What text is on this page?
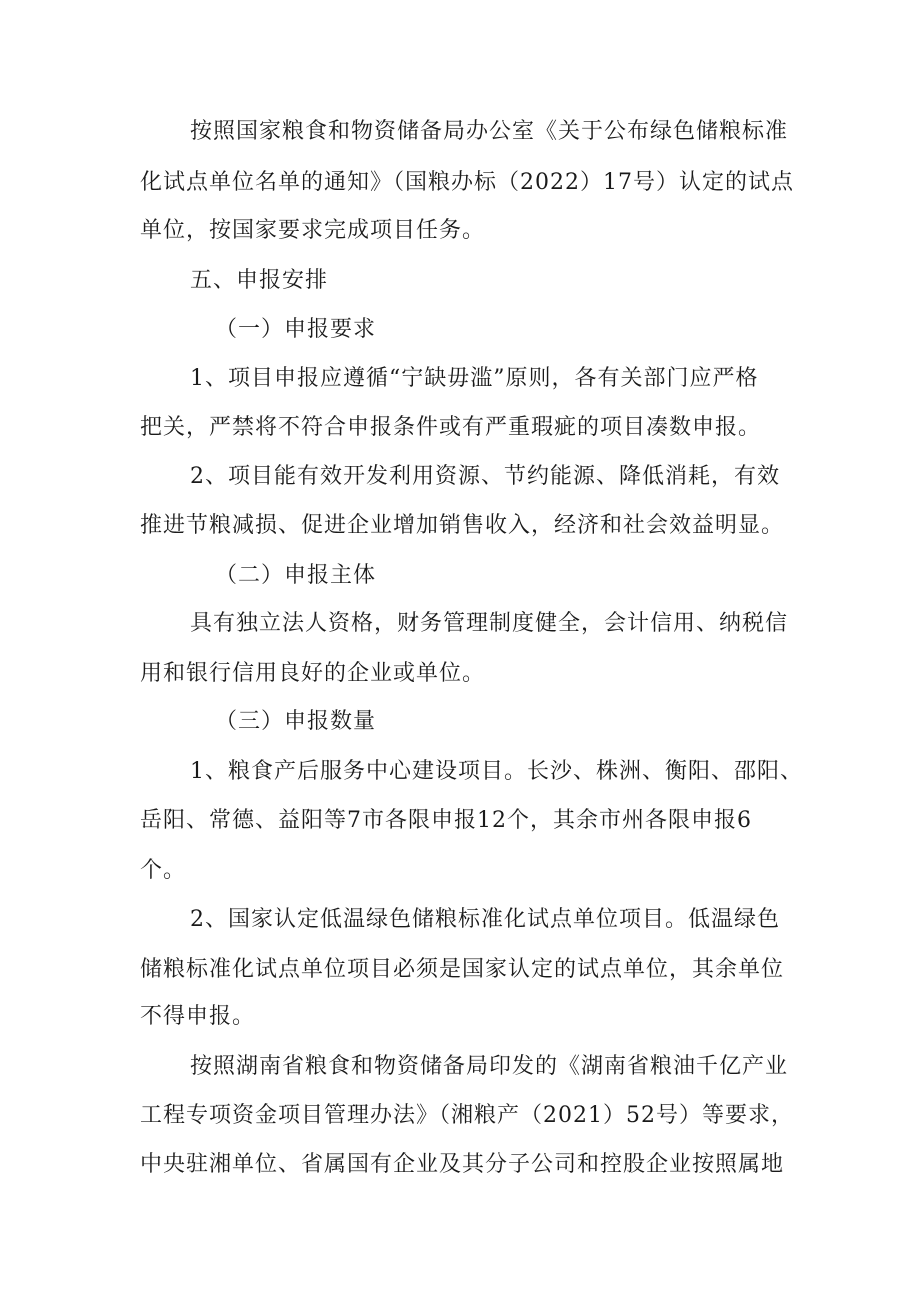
按照国家粮食和物资储备局办公室《关于公布绿色储粮标准
化试点单位名单的通知》（国粮办标（2022）17号）认定的试点
单位，按国家要求完成项目任务。
五、申报安排
（一）申报要求
1、项目申报应遵循“宁缺毋滥”原则，各有关部门应严格
把关，严禁将不符合申报条件或有严重瑕疵的项目凑数申报。
2、项目能有效开发利用资源、节约能源、降低消耗，有效
推进节粮减损、促进企业增加销售收入，经济和社会效益明显。
（二）申报主体
具有独立法人资格，财务管理制度健全，会计信用、纳税信
用和银行信用良好的企业或单位。
（三）申报数量
1、粮食产后服务中心建设项目。长沙、株洲、衡阳、邵阳、
岳阳、常德、益阳等7市各限申报12个，其余市州各限申报6
个。
2、国家认定低温绿色储粮标准化试点单位项目。低温绿色
储粮标准化试点单位项目必须是国家认定的试点单位，其余单位
不得申报。
按照湖南省粮食和物资储备局印发的《湖南省粮油千亿产业
工程专项资金项目管理办法》（湘粮产（2021）52号）等要求，
中央驻湘单位、省属国有企业及其分子公司和控股企业按照属地
